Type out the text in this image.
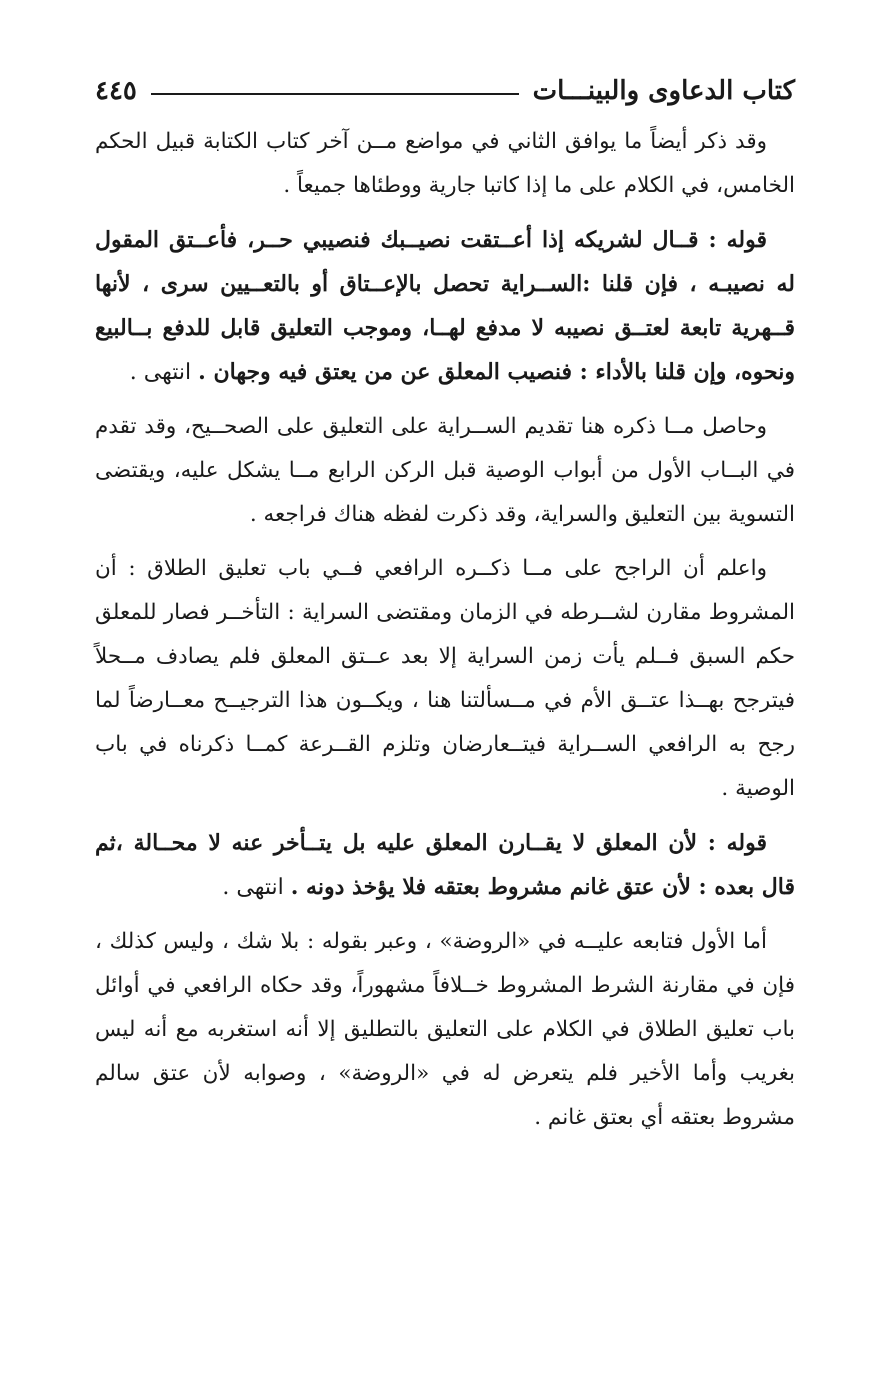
كتاب الدعاوى والبينـــات
٤٤٥

وقد ذكر أيضاً ما يوافق الثاني في مواضع مــن آخر كتاب الكتابة قبيل الحكم الخامس، في الكلام على ما إذا كاتبا جارية ووطئاها جميعاً .

قوله : قــال لشريكه إذا أعــتقت نصيــبك فنصيبي حــر، فأعــتق المقول له نصيبـه ، فإن قلنا :الســراية تحصل بالإعــتاق أو بالتعــيين سرى ، لأنها قــهرية تابعة لعتــق نصيبه لا مدفع لهــا، وموجب التعليق قابل للدفع بــالبيع ونحوه، وإن قلنا بالأداء : فنصيب المعلق عن من يعتق فيه وجهان . انتهى .

وحاصل مــا ذكره هنا تقديم الســراية على التعليق على الصحــيح، وقد تقدم في البــاب الأول من أبواب الوصية قبل الركن الرابع مــا يشكل عليه، ويقتضى التسوية بين التعليق والسراية، وقد ذكرت لفظه هناك فراجعه .

واعلم أن الراجح على مــا ذكــره الرافعي فــي باب تعليق الطلاق : أن المشروط مقارن لشــرطه في الزمان ومقتضى السراية : التأخــر فصار للمعلق حكم السبق فــلم يأت زمن السراية إلا بعد عــتق المعلق فلم يصادف مــحلاً فيترجح بهــذا عتــق الأم في مــسألتنا هنا ، ويكــون هذا الترجيــح معــارضاً لما رجح به الرافعي الســراية فيتــعارضان وتلزم القــرعة كمــا ذكرناه في باب الوصية .

قوله : لأن المعلق لا يقــارن المعلق عليه بل يتــأخر عنه لا محــالة ،ثم قال بعده : لأن عتق غانم مشروط بعتقه فلا يؤخذ دونه . انتهى .

أما الأول فتابعه عليــه في «الروضة» ، وعبر بقوله : بلا شك ، وليس كذلك ، فإن في مقارنة الشرط المشروط خــلافاً مشهوراً، وقد حكاه الرافعي في أوائل باب تعليق الطلاق في الكلام على التعليق بالتطليق إلا أنه استغربه مع أنه ليس بغريب وأما الأخير فلم يتعرض له في «الروضة» ، وصوابه لأن عتق سالم مشروط بعتقه أي بعتق غانم .
